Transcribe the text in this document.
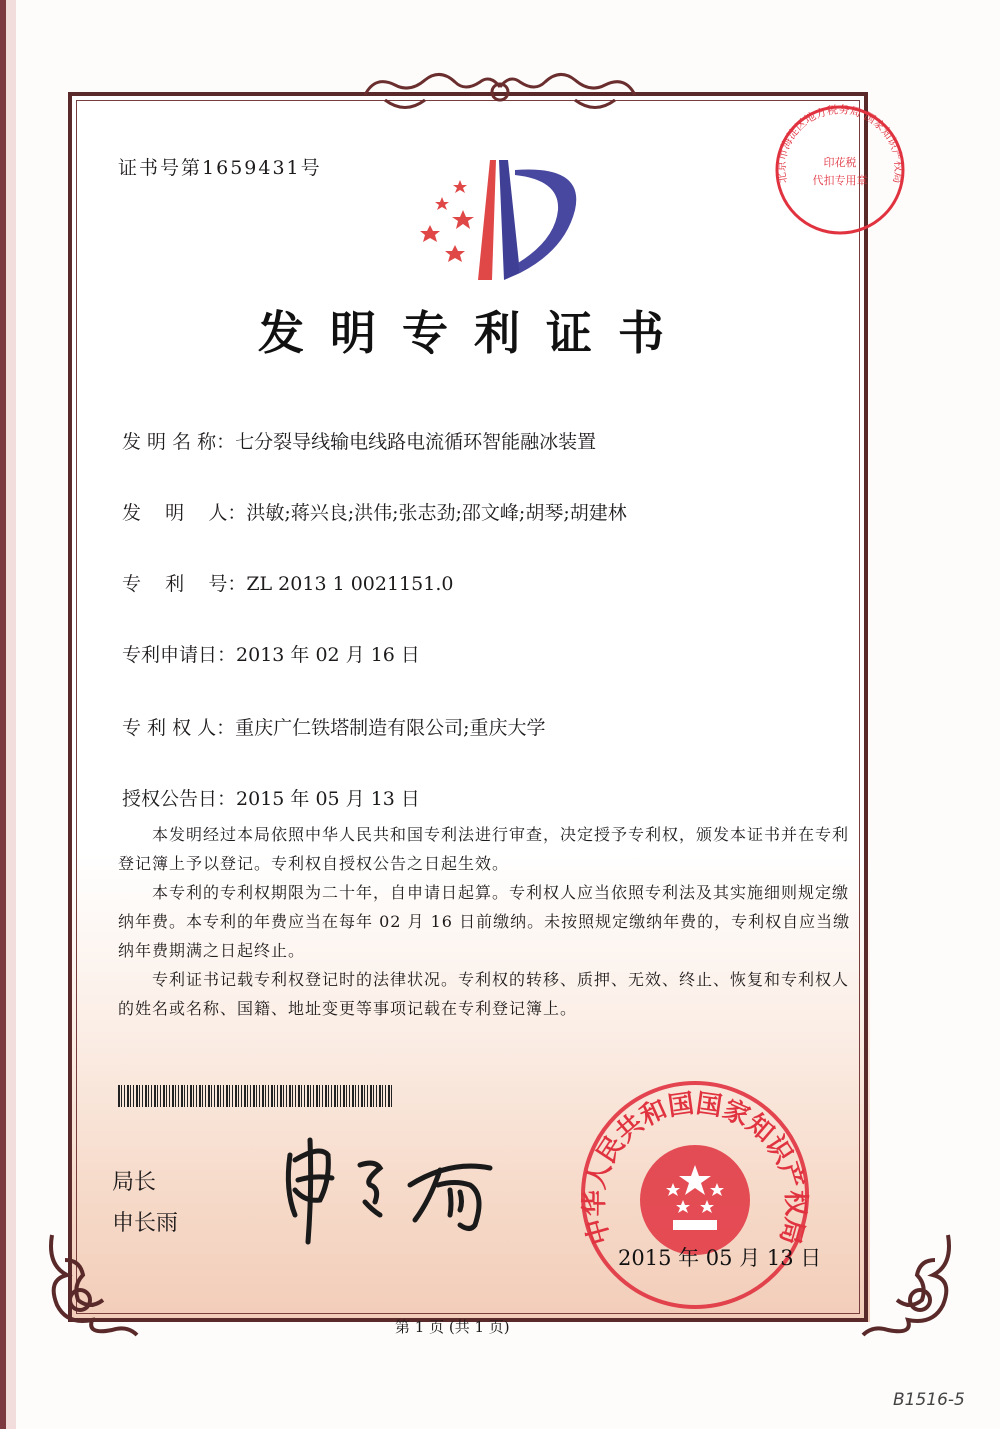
证书号第1659431号
发明专利证书
发 明 名 称：七分裂导线输电线路电流循环智能融冰装置
发    明    人：洪敏;蒋兴良;洪伟;张志劲;邵文峰;胡琴;胡建林
专    利    号：ZL 2013 1 0021151.0
专利申请日：2013 年 02 月 16 日
专 利 权 人：重庆广仁铁塔制造有限公司;重庆大学
授权公告日：2015 年 05 月 13 日

本发明经过本局依照中华人民共和国专利法进行审查，决定授予专利权，颁发本证书并在专利登记簿上予以登记。专利权自授权公告之日起生效。

本专利的专利权期限为二十年，自申请日起算。专利权人应当依照专利法及其实施细则规定缴纳年费。本专利的年费应当在每年 02 月 16 日前缴纳。未按照规定缴纳年费的，专利权自应当缴纳年费期满之日起终止。

专利证书记载专利权登记时的法律状况。专利权的转移、质押、无效、终止、恢复和专利权人的姓名或名称、国籍、地址变更等事项记载在专利登记簿上。

局长
申长雨	中华人民共和国国家知识产权局
2015 年 05 月 13 日
北京市海淀区地方税务局 国家知识产权局
印花税
代扣专用章
第 1 页 (共 1 页)
B1516-5
